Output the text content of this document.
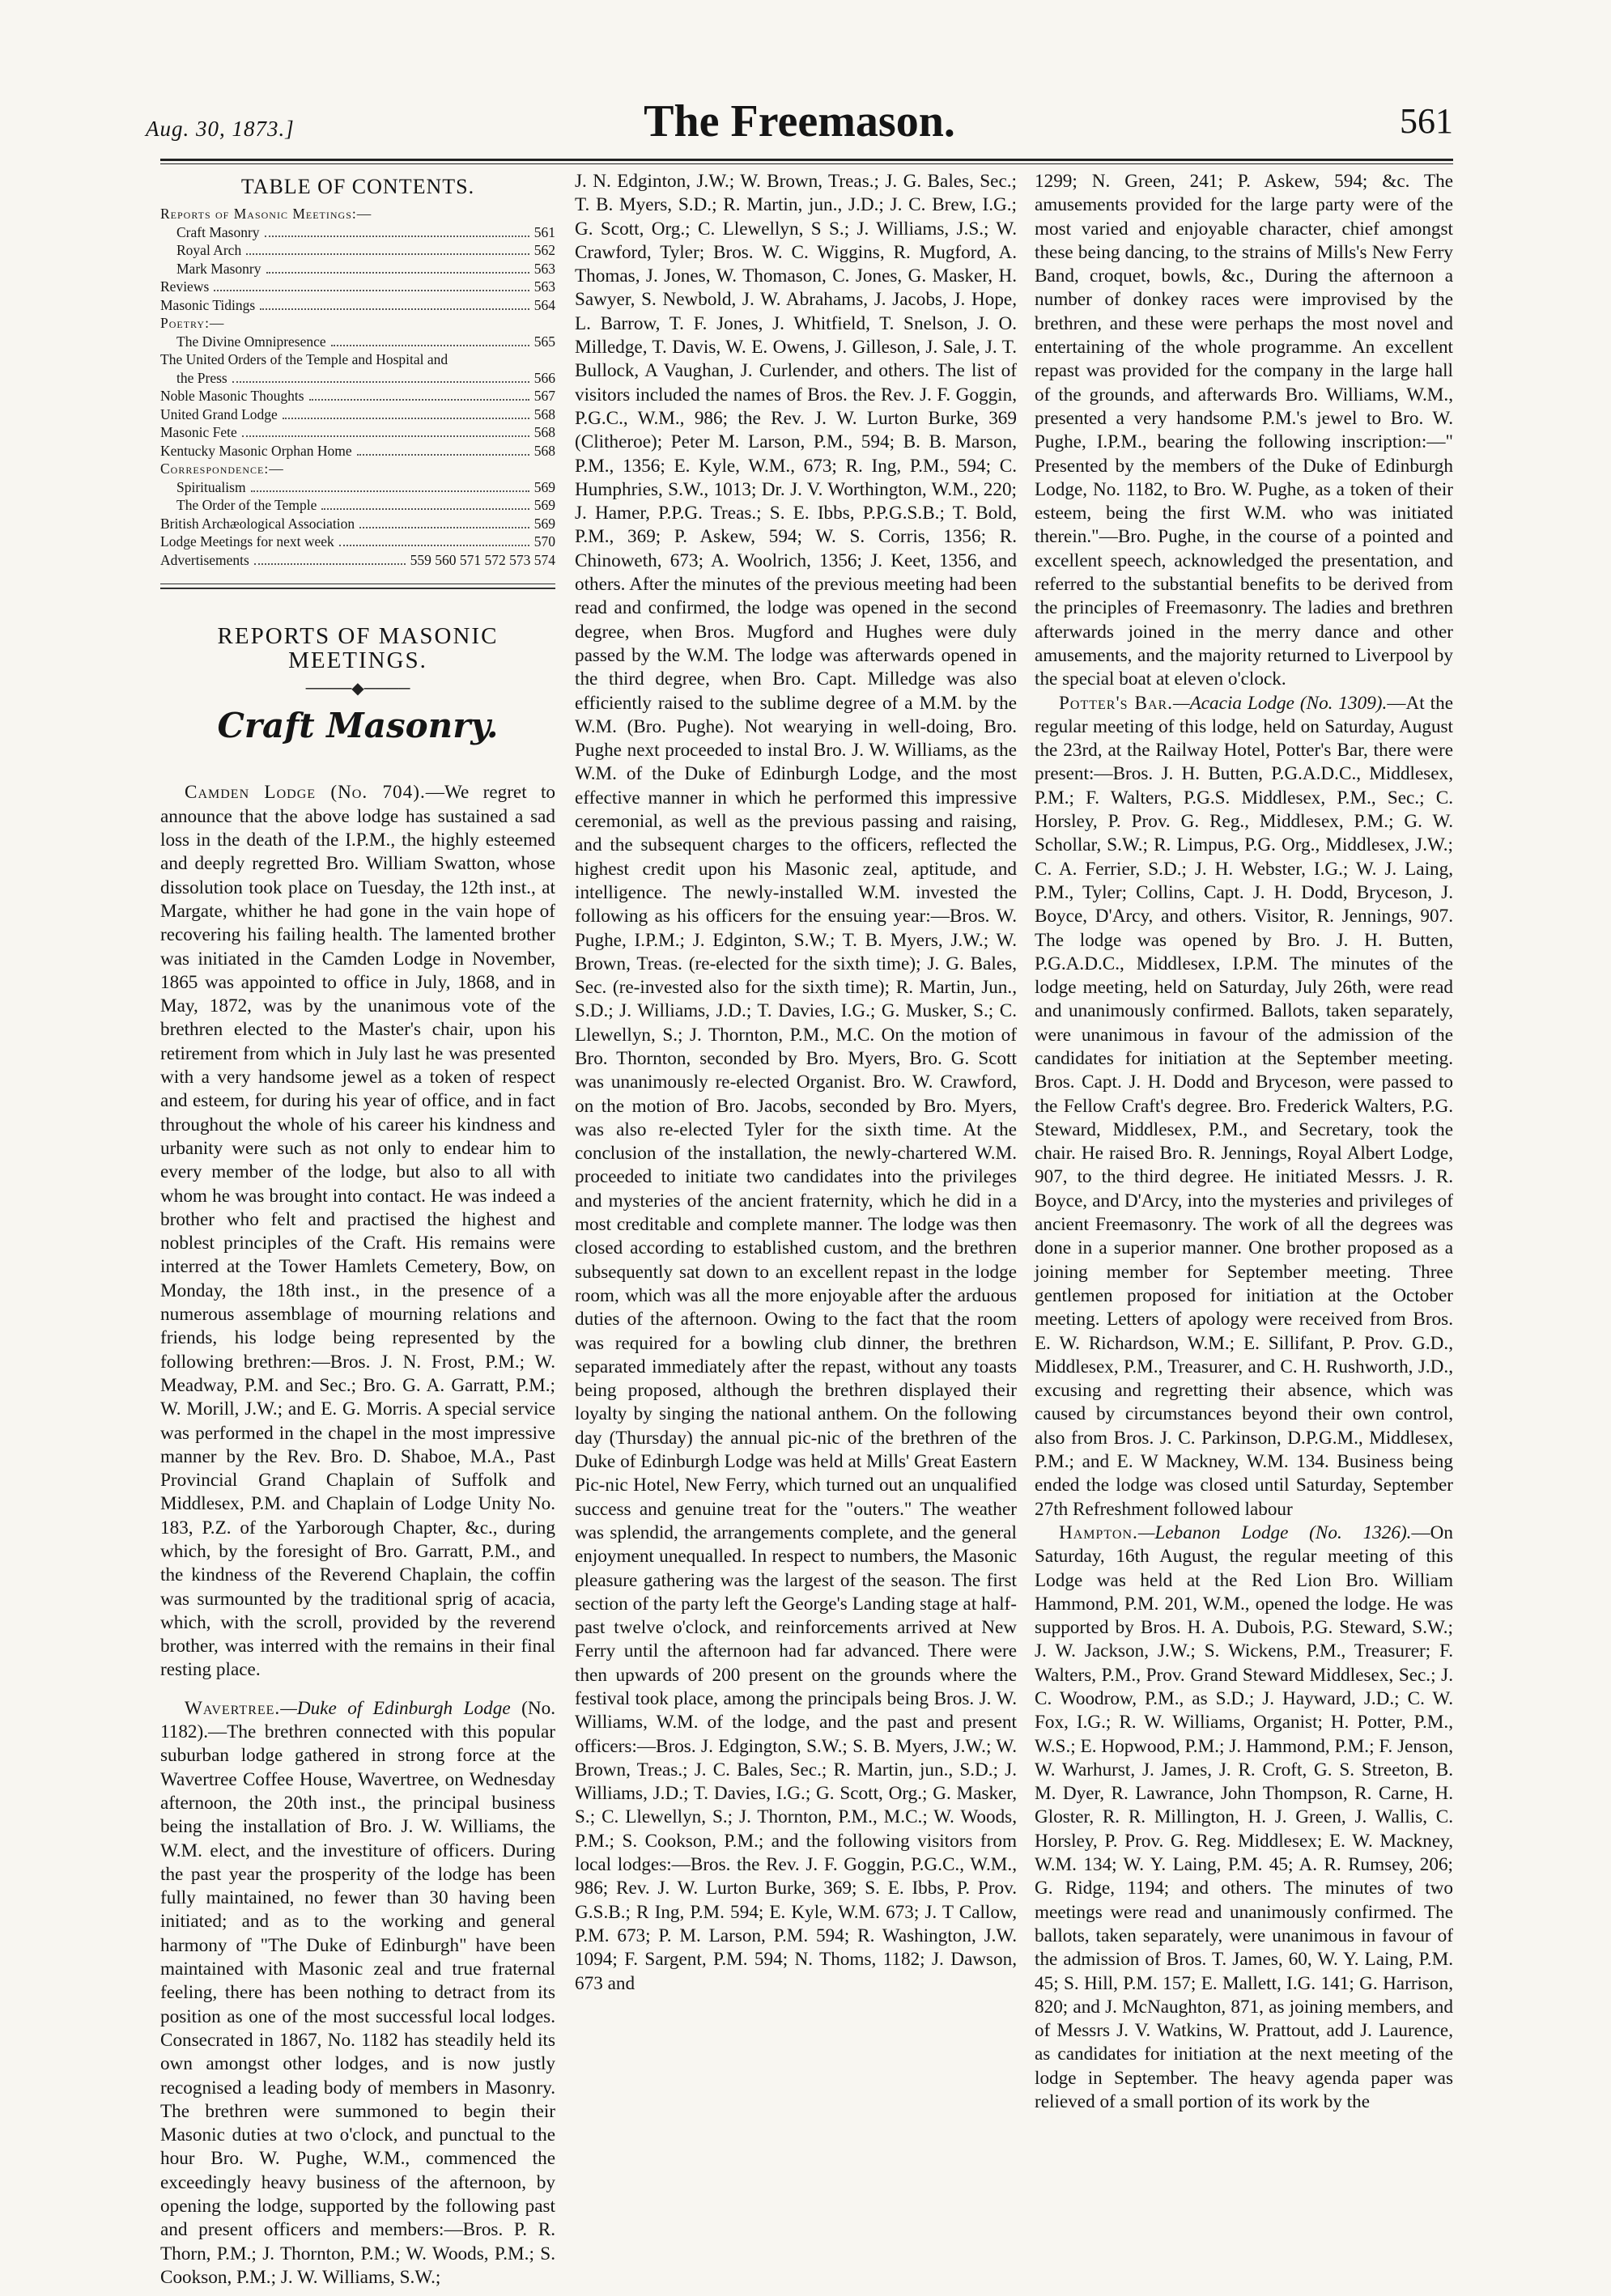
Aug. 30, 1873.]	The Freemason.	561
TABLE OF CONTENTS.
Reports of Masonic Meetings:—
Craft Masonry	561
Royal Arch	562
Mark Masonry	563
Reviews	563
Masonic Tidings	564
Poetry:—
The Divine Omnipresence	565
The United Orders of the Temple and Hospital and
the Press	566
Noble Masonic Thoughts	567
United Grand Lodge	568
Masonic Fete	568
Kentucky Masonic Orphan Home	568
Correspondence:—
Spiritualism	569
The Order of the Temple	569
British Archæological Association	569
Lodge Meetings for next week	570
Advertisements	559 560 571 572 573 574
REPORTS OF MASONIC MEETINGS.
────◆────
Craft Masonry.

Camden Lodge (No. 704).—We regret to announce that the above lodge has sustained a sad loss in the death of the I.P.M., the highly esteemed and deeply regretted Bro. William Swatton, whose dissolution took place on Tuesday, the 12th inst., at Margate, whither he had gone in the vain hope of recovering his failing health. The lamented brother was initiated in the Camden Lodge in November, 1865 was appointed to office in July, 1868, and in May, 1872, was by the unanimous vote of the brethren elected to the Master's chair, upon his retirement from which in July last he was presented with a very handsome jewel as a token of respect and esteem, for during his year of office, and in fact throughout the whole of his career his kindness and urbanity were such as not only to endear him to every member of the lodge, but also to all with whom he was brought into contact. He was indeed a brother who felt and practised the highest and noblest principles of the Craft. His remains were interred at the Tower Hamlets Cemetery, Bow, on Monday, the 18th inst., in the presence of a numerous assemblage of mourning relations and friends, his lodge being represented by the following brethren:—Bros. J. N. Frost, P.M.; W. Meadway, P.M. and Sec.; Bro. G. A. Garratt, P.M.; W. Morill, J.W.; and E. G. Morris. A special service was performed in the chapel in the most impressive manner by the Rev. Bro. D. Shaboe, M.A., Past Provincial Grand Chaplain of Suffolk and Middlesex, P.M. and Chaplain of Lodge Unity No. 183, P.Z. of the Yarborough Chapter, &c., during which, by the foresight of Bro. Garratt, P.M., and the kindness of the Reverend Chaplain, the coffin was surmounted by the traditional sprig of acacia, which, with the scroll, provided by the reverend brother, was interred with the remains in their final resting place.

Wavertree.—Duke of Edinburgh Lodge (No. 1182).—The brethren connected with this popular suburban lodge gathered in strong force at the Wavertree Coffee House, Wavertree, on Wednesday afternoon, the 20th inst., the principal business being the installation of Bro. J. W. Williams, the W.M. elect, and the investiture of officers. During the past year the prosperity of the lodge has been fully maintained, no fewer than 30 having been initiated; and as to the working and general harmony of "The Duke of Edinburgh" have been maintained with Masonic zeal and true fraternal feeling, there has been nothing to detract from its position as one of the most successful local lodges. Consecrated in 1867, No. 1182 has steadily held its own amongst other lodges, and is now justly recognised a leading body of members in Masonry. The brethren were summoned to begin their Masonic duties at two o'clock, and punctual to the hour Bro. W. Pughe, W.M., commenced the exceedingly heavy business of the afternoon, by opening the lodge, supported by the following past and present officers and members:—Bros. P. R. Thorn, P.M.; J. Thornton, P.M.; W. Woods, P.M.; S. Cookson, P.M.; J. W. Williams, S.W.;

J. N. Edginton, J.W.; W. Brown, Treas.; J. G. Bales, Sec.; T. B. Myers, S.D.; R. Martin, jun., J.D.; J. C. Brew, I.G.; G. Scott, Org.; C. Llewellyn, S S.; J. Williams, J.S.; W. Crawford, Tyler; Bros. W. C. Wiggins, R. Mugford, A. Thomas, J. Jones, W. Thomason, C. Jones, G. Masker, H. Sawyer, S. Newbold, J. W. Abrahams, J. Jacobs, J. Hope, L. Barrow, T. F. Jones, J. Whitfield, T. Snelson, J. O. Milledge, T. Davis, W. E. Owens, J. Gilleson, J. Sale, J. T. Bullock, A Vaughan, J. Curlender, and others. The list of visitors included the names of Bros. the Rev. J. F. Goggin, P.G.C., W.M., 986; the Rev. J. W. Lurton Burke, 369 (Clitheroe); Peter M. Larson, P.M., 594; B. B. Marson, P.M., 1356; E. Kyle, W.M., 673; R. Ing, P.M., 594; C. Humphries, S.W., 1013; Dr. J. V. Worthington, W.M., 220; J. Hamer, P.P.G. Treas.; S. E. Ibbs, P.P.G.S.B.; T. Bold, P.M., 369; P. Askew, 594; W. S. Corris, 1356; R. Chinoweth, 673; A. Woolrich, 1356; J. Keet, 1356, and others. After the minutes of the previous meeting had been read and confirmed, the lodge was opened in the second degree, when Bros. Mugford and Hughes were duly passed by the W.M. The lodge was afterwards opened in the third degree, when Bro. Capt. Milledge was also efficiently raised to the sublime degree of a M.M. by the W.M. (Bro. Pughe). Not wearying in well-doing, Bro. Pughe next proceeded to instal Bro. J. W. Williams, as the W.M. of the Duke of Edinburgh Lodge, and the most effective manner in which he performed this impressive ceremonial, as well as the previous passing and raising, and the subsequent charges to the officers, reflected the highest credit upon his Masonic zeal, aptitude, and intelligence. The newly-installed W.M. invested the following as his officers for the ensuing year:—Bros. W. Pughe, I.P.M.; J. Edginton, S.W.; T. B. Myers, J.W.; W. Brown, Treas. (re-elected for the sixth time); J. G. Bales, Sec. (re-invested also for the sixth time); R. Martin, Jun., S.D.; J. Williams, J.D.; T. Davies, I.G.; G. Musker, S.; C. Llewellyn, S.; J. Thornton, P.M., M.C. On the motion of Bro. Thornton, seconded by Bro. Myers, Bro. G. Scott was unanimously re-elected Organist. Bro. W. Crawford, on the motion of Bro. Jacobs, seconded by Bro. Myers, was also re-elected Tyler for the sixth time. At the conclusion of the installation, the newly-chartered W.M. proceeded to initiate two candidates into the privileges and mysteries of the ancient fraternity, which he did in a most creditable and complete manner. The lodge was then closed according to established custom, and the brethren subsequently sat down to an excellent repast in the lodge room, which was all the more enjoyable after the arduous duties of the afternoon. Owing to the fact that the room was required for a bowling club dinner, the brethren separated immediately after the repast, without any toasts being proposed, although the brethren displayed their loyalty by singing the national anthem. On the following day (Thursday) the annual pic-nic of the brethren of the Duke of Edinburgh Lodge was held at Mills' Great Eastern Pic-nic Hotel, New Ferry, which turned out an unqualified success and genuine treat for the "outers." The weather was splendid, the arrangements complete, and the general enjoyment unequalled. In respect to numbers, the Masonic pleasure gathering was the largest of the season. The first section of the party left the George's Landing stage at half-past twelve o'clock, and reinforcements arrived at New Ferry until the afternoon had far advanced. There were then upwards of 200 present on the grounds where the festival took place, among the principals being Bros. J. W. Williams, W.M. of the lodge, and the past and present officers:—Bros. J. Edgington, S.W.; S. B. Myers, J.W.; W. Brown, Treas.; J. C. Bales, Sec.; R. Martin, jun., S.D.; J. Williams, J.D.; T. Davies, I.G.; G. Scott, Org.; G. Masker, S.; C. Llewellyn, S.; J. Thornton, P.M., M.C.; W. Woods, P.M.; S. Cookson, P.M.; and the following visitors from local lodges:—Bros. the Rev. J. F. Goggin, P.G.C., W.M., 986; Rev. J. W. Lurton Burke, 369; S. E. Ibbs, P. Prov. G.S.B.; R Ing, P.M. 594; E. Kyle, W.M. 673; J. T Callow, P.M. 673; P. M. Larson, P.M. 594; R. Washington, J.W. 1094; F. Sargent, P.M. 594; N. Thoms, 1182; J. Dawson, 673 and

1299; N. Green, 241; P. Askew, 594; &c. The amusements provided for the large party were of the most varied and enjoyable character, chief amongst these being dancing, to the strains of Mills's New Ferry Band, croquet, bowls, &c., During the afternoon a number of donkey races were improvised by the brethren, and these were perhaps the most novel and entertaining of the whole programme. An excellent repast was provided for the company in the large hall of the grounds, and afterwards Bro. Williams, W.M., presented a very handsome P.M.'s jewel to Bro. W. Pughe, I.P.M., bearing the following inscription:—" Presented by the members of the Duke of Edinburgh Lodge, No. 1182, to Bro. W. Pughe, as a token of their esteem, being the first W.M. who was initiated therein."—Bro. Pughe, in the course of a pointed and excellent speech, acknowledged the presentation, and referred to the substantial benefits to be derived from the principles of Freemasonry. The ladies and brethren afterwards joined in the merry dance and other amusements, and the majority returned to Liverpool by the special boat at eleven o'clock.

Potter's Bar.—Acacia Lodge (No. 1309).—At the regular meeting of this lodge, held on Saturday, August the 23rd, at the Railway Hotel, Potter's Bar, there were present:—Bros. J. H. Butten, P.G.A.D.C., Middlesex, P.M.; F. Walters, P.G.S. Middlesex, P.M., Sec.; C. Horsley, P. Prov. G. Reg., Middlesex, P.M.; G. W. Schollar, S.W.; R. Limpus, P.G. Org., Middlesex, J.W.; C. A. Ferrier, S.D.; J. H. Webster, I.G.; W. J. Laing, P.M., Tyler; Collins, Capt. J. H. Dodd, Bryceson, J. Boyce, D'Arcy, and others. Visitor, R. Jennings, 907. The lodge was opened by Bro. J. H. Butten, P.G.A.D.C., Middlesex, I.P.M. The minutes of the lodge meeting, held on Saturday, July 26th, were read and unanimously confirmed. Ballots, taken separately, were unanimous in favour of the admission of the candidates for initiation at the September meeting. Bros. Capt. J. H. Dodd and Bryceson, were passed to the Fellow Craft's degree. Bro. Frederick Walters, P.G. Steward, Middlesex, P.M., and Secretary, took the chair. He raised Bro. R. Jennings, Royal Albert Lodge, 907, to the third degree. He initiated Messrs. J. R. Boyce, and D'Arcy, into the mysteries and privileges of ancient Freemasonry. The work of all the degrees was done in a superior manner. One brother proposed as a joining member for September meeting. Three gentlemen proposed for initiation at the October meeting. Letters of apology were received from Bros. E. W. Richardson, W.M.; E. Sillifant, P. Prov. G.D., Middlesex, P.M., Treasurer, and C. H. Rushworth, J.D., excusing and regretting their absence, which was caused by circumstances beyond their own control, also from Bros. J. C. Parkinson, D.P.G.M., Middlesex, P.M.; and E. W Mackney, W.M. 134. Business being ended the lodge was closed until Saturday, September 27th Refreshment followed labour

Hampton.—Lebanon Lodge (No. 1326).—On Saturday, 16th August, the regular meeting of this Lodge was held at the Red Lion Bro. William Hammond, P.M. 201, W.M., opened the lodge. He was supported by Bros. H. A. Dubois, P.G. Steward, S.W.; J. W. Jackson, J.W.; S. Wickens, P.M., Treasurer; F. Walters, P.M., Prov. Grand Steward Middlesex, Sec.; J. C. Woodrow, P.M., as S.D.; J. Hayward, J.D.; C. W. Fox, I.G.; R. W. Williams, Organist; H. Potter, P.M., W.S.; E. Hopwood, P.M.; J. Hammond, P.M.; F. Jenson, W. Warhurst, J. James, J. R. Croft, G. S. Streeton, B. M. Dyer, R. Lawrance, John Thompson, R. Carne, H. Gloster, R. R. Millington, H. J. Green, J. Wallis, C. Horsley, P. Prov. G. Reg. Middlesex; E. W. Mackney, W.M. 134; W. Y. Laing, P.M. 45; A. R. Rumsey, 206; G. Ridge, 1194; and others. The minutes of two meetings were read and unanimously confirmed. The ballots, taken separately, were unanimous in favour of the admission of Bros. T. James, 60, W. Y. Laing, P.M. 45; S. Hill, P.M. 157; E. Mallett, I.G. 141; G. Harrison, 820; and J. McNaughton, 871, as joining members, and of Messrs J. V. Watkins, W. Prattout, add J. Laurence, as candidates for initiation at the next meeting of the lodge in September. The heavy agenda paper was relieved of a small portion of its work by the
